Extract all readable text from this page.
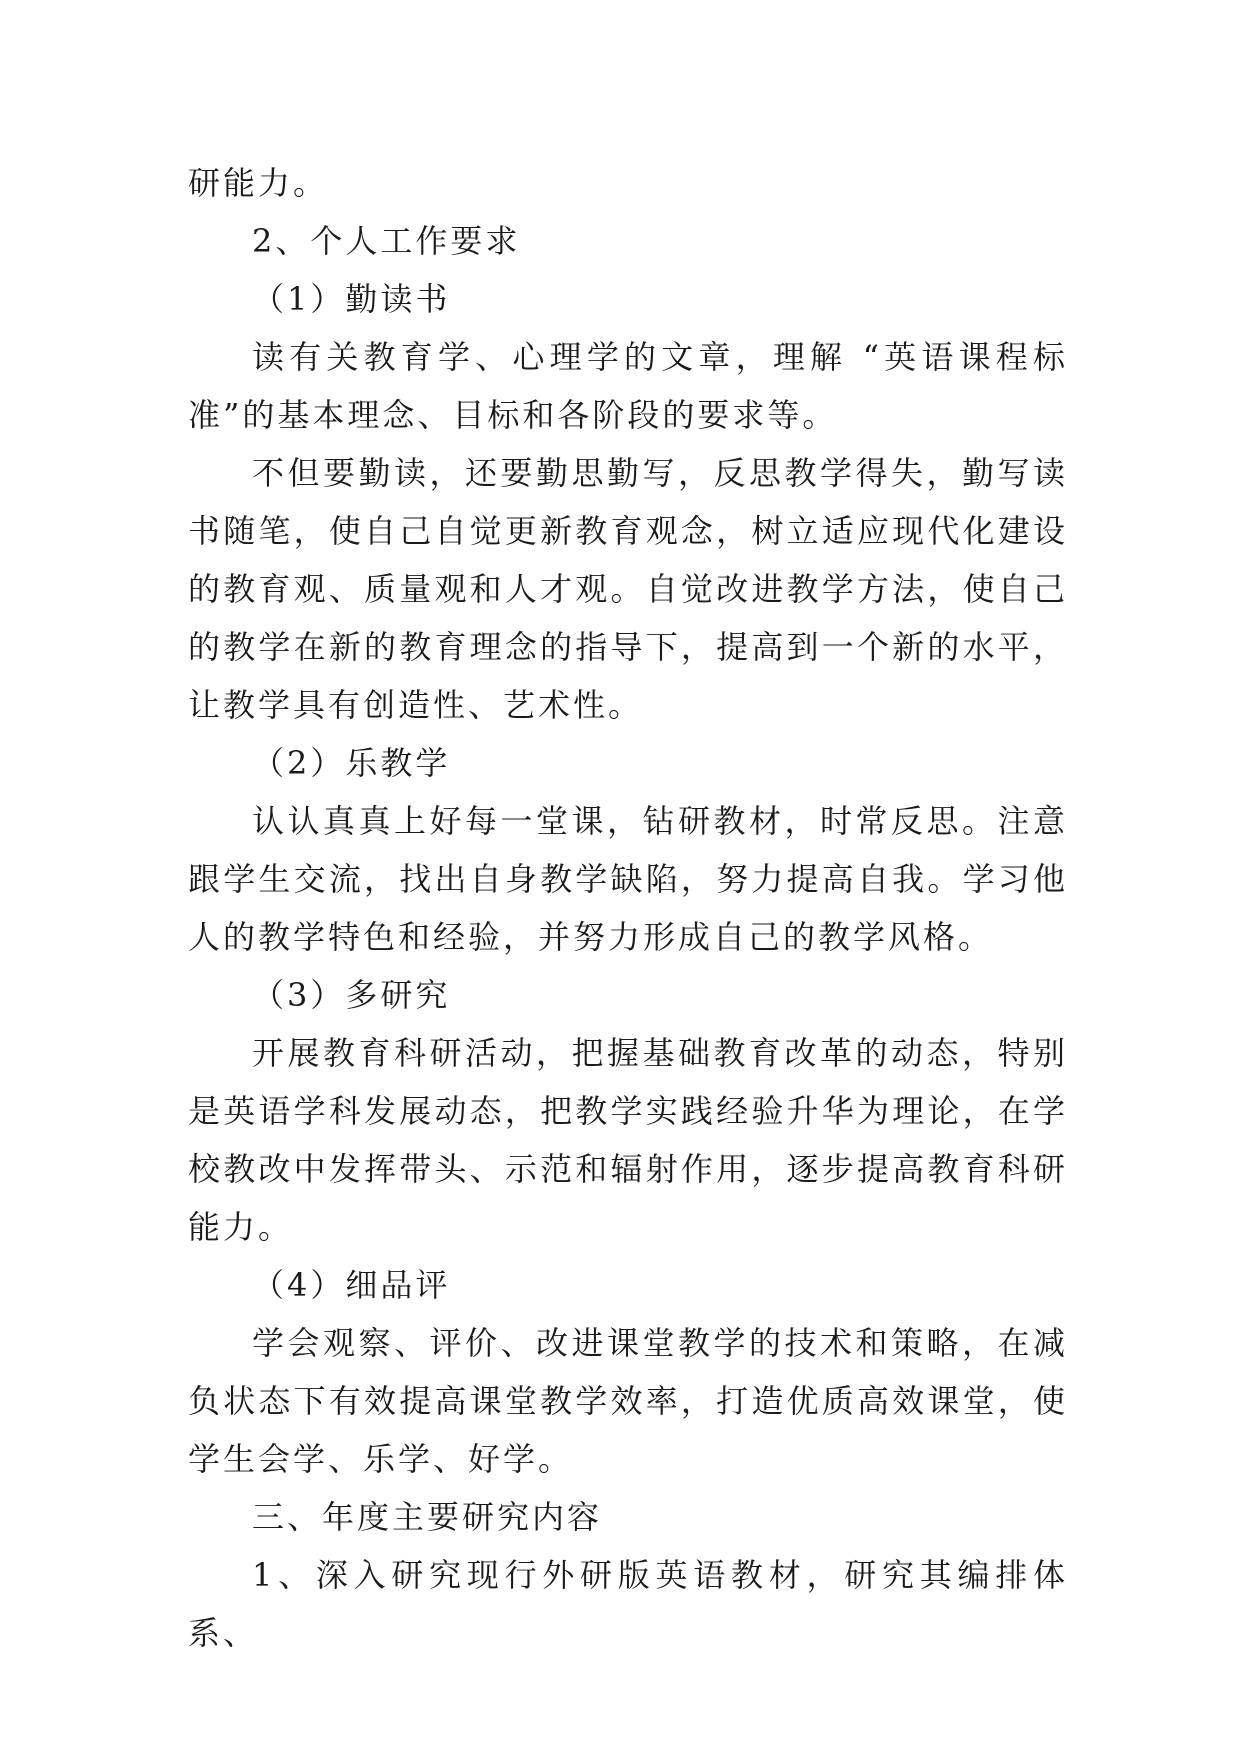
研能力。

2、个人工作要求

（1）勤读书

读有关教育学、心理学的文章，理解 “英语课程标准”的基本理念、目标和各阶段的要求等。

不但要勤读，还要勤思勤写，反思教学得失，勤写读书随笔，使自己自觉更新教育观念，树立适应现代化建设的教育观、质量观和人才观。自觉改进教学方法，使自己的教学在新的教育理念的指导下，提高到一个新的水平，让教学具有创造性、艺术性。

（2）乐教学

认认真真上好每一堂课，钻研教材，时常反思。注意跟学生交流，找出自身教学缺陷，努力提高自我。学习他人的教学特色和经验，并努力形成自己的教学风格。

（3）多研究

开展教育科研活动，把握基础教育改革的动态，特别是英语学科发展动态，把教学实践经验升华为理论，在学校教改中发挥带头、示范和辐射作用，逐步提高教育科研能力。

（4）细品评

学会观察、评价、改进课堂教学的技术和策略，在减负状态下有效提高课堂教学效率，打造优质高效课堂，使学生会学、乐学、好学。

三、年度主要研究内容

1、深入研究现行外研版英语教材，研究其编排体系、
